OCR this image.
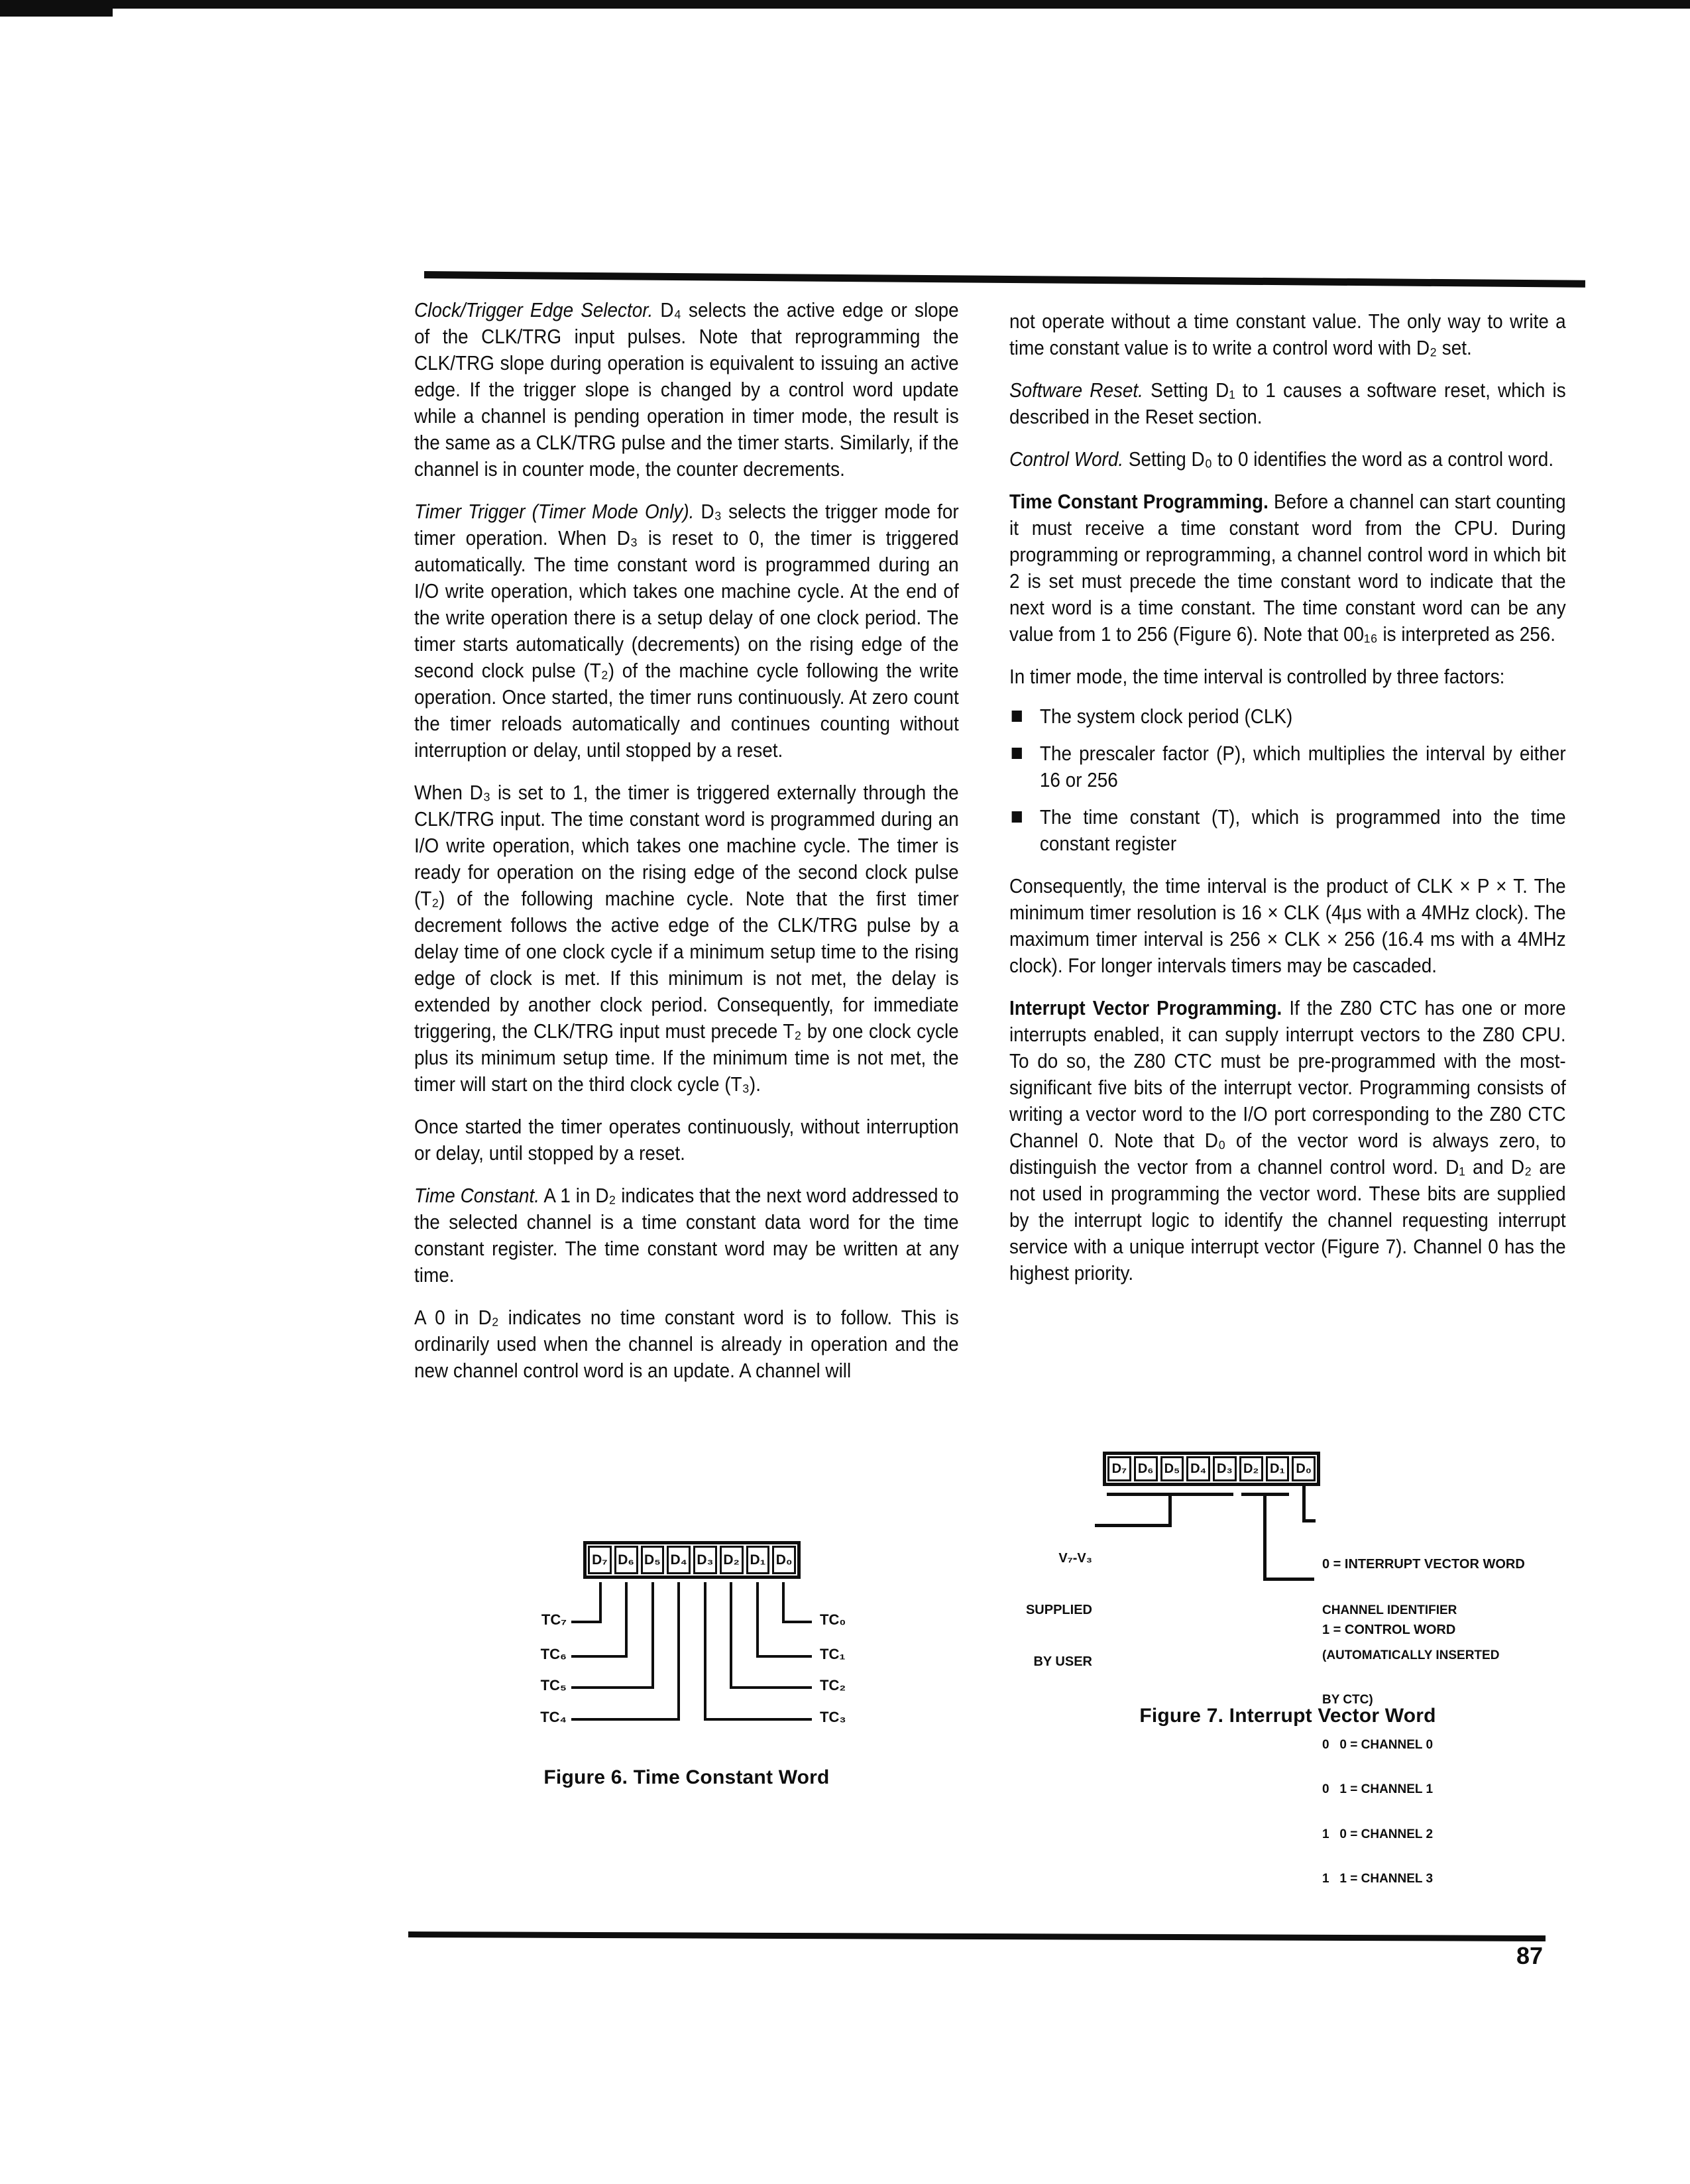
Clock/Trigger Edge Selector. D₄ selects the active edge or slope of the CLK/TRG input pulses. Note that reprogramming the CLK/TRG slope during operation is equivalent to issuing an active edge. If the trigger slope is changed by a control word update while a channel is pending operation in timer mode, the result is the same as a CLK/TRG pulse and the timer starts. Similarly, if the channel is in counter mode, the counter decrements.

Timer Trigger (Timer Mode Only). D₃ selects the trigger mode for timer operation. When D₃ is reset to 0, the timer is triggered automatically. The time constant word is programmed during an I/O write operation, which takes one machine cycle. At the end of the write operation there is a setup delay of one clock period. The timer starts automatically (decrements) on the rising edge of the second clock pulse (T₂) of the machine cycle following the write operation. Once started, the timer runs continuously. At zero count the timer reloads automatically and continues counting without interruption or delay, until stopped by a reset.

When D₃ is set to 1, the timer is triggered externally through the CLK/TRG input. The time constant word is programmed during an I/O write operation, which takes one machine cycle. The timer is ready for operation on the rising edge of the second clock pulse (T₂) of the following machine cycle. Note that the first timer decrement follows the active edge of the CLK/TRG pulse by a delay time of one clock cycle if a minimum setup time to the rising edge of clock is met. If this minimum is not met, the delay is extended by another clock period. Consequently, for immediate triggering, the CLK/TRG input must precede T₂ by one clock cycle plus its minimum setup time. If the minimum time is not met, the timer will start on the third clock cycle (T₃).

Once started the timer operates continuously, without interruption or delay, until stopped by a reset.

Time Constant. A 1 in D₂ indicates that the next word addressed to the selected channel is a time constant data word for the time constant register. The time constant word may be written at any time.

A 0 in D₂ indicates no time constant word is to follow. This is ordinarily used when the channel is already in operation and the new channel control word is an update. A channel will

D₇ D₆ D₅ D₄ D₃ D₂ D₁ D₀
TC₇
TC₆
TC₅
TC₄
TC₀
TC₁
TC₂
TC₃
Figure 6. Time Constant Word

not operate without a time constant value. The only way to write a time constant value is to write a control word with D₂ set.

Software Reset. Setting D₁ to 1 causes a software reset, which is described in the Reset section.

Control Word. Setting D₀ to 0 identifies the word as a control word.

Time Constant Programming. Before a channel can start counting it must receive a time constant word from the CPU. During programming or reprogramming, a channel control word in which bit 2 is set must precede the time constant word to indicate that the next word is a time constant. The time constant word can be any value from 1 to 256 (Figure 6). Note that 00₁₆ is interpreted as 256.

In timer mode, the time interval is controlled by three factors:

The system clock period (CLK)
The prescaler factor (P), which multiplies the interval by either 16 or 256
The time constant (T), which is programmed into the time constant register

Consequently, the time interval is the product of CLK × P × T. The minimum timer resolution is 16 × CLK (4μs with a 4MHz clock). The maximum timer interval is 256 × CLK × 256 (16.4 ms with a 4MHz clock). For longer intervals timers may be cascaded.

Interrupt Vector Programming. If the Z80 CTC has one or more interrupts enabled, it can supply interrupt vectors to the Z80 CPU. To do so, the Z80 CTC must be pre-programmed with the most-significant five bits of the interrupt vector. Programming consists of writing a vector word to the I/O port corresponding to the Z80 CTC Channel 0. Note that D₀ of the vector word is always zero, to distinguish the vector from a channel control word. D₁ and D₂ are not used in programming the vector word. These bits are supplied by the interrupt logic to identify the channel requesting interrupt service with a unique interrupt vector (Figure 7). Channel 0 has the highest priority.

D₇ D₆ D₅ D₄ D₃ D₂ D₁ D₀

V₇-V₃

SUPPLIED

BY USER

0 = INTERRUPT VECTOR WORD

1 = CONTROL WORD

CHANNEL IDENTIFIER

(AUTOMATICALLY INSERTED

BY CTC)

0   0 = CHANNEL 0

0   1 = CHANNEL 1

1   0 = CHANNEL 2

1   1 = CHANNEL 3

Figure 7. Interrupt Vector Word
87
